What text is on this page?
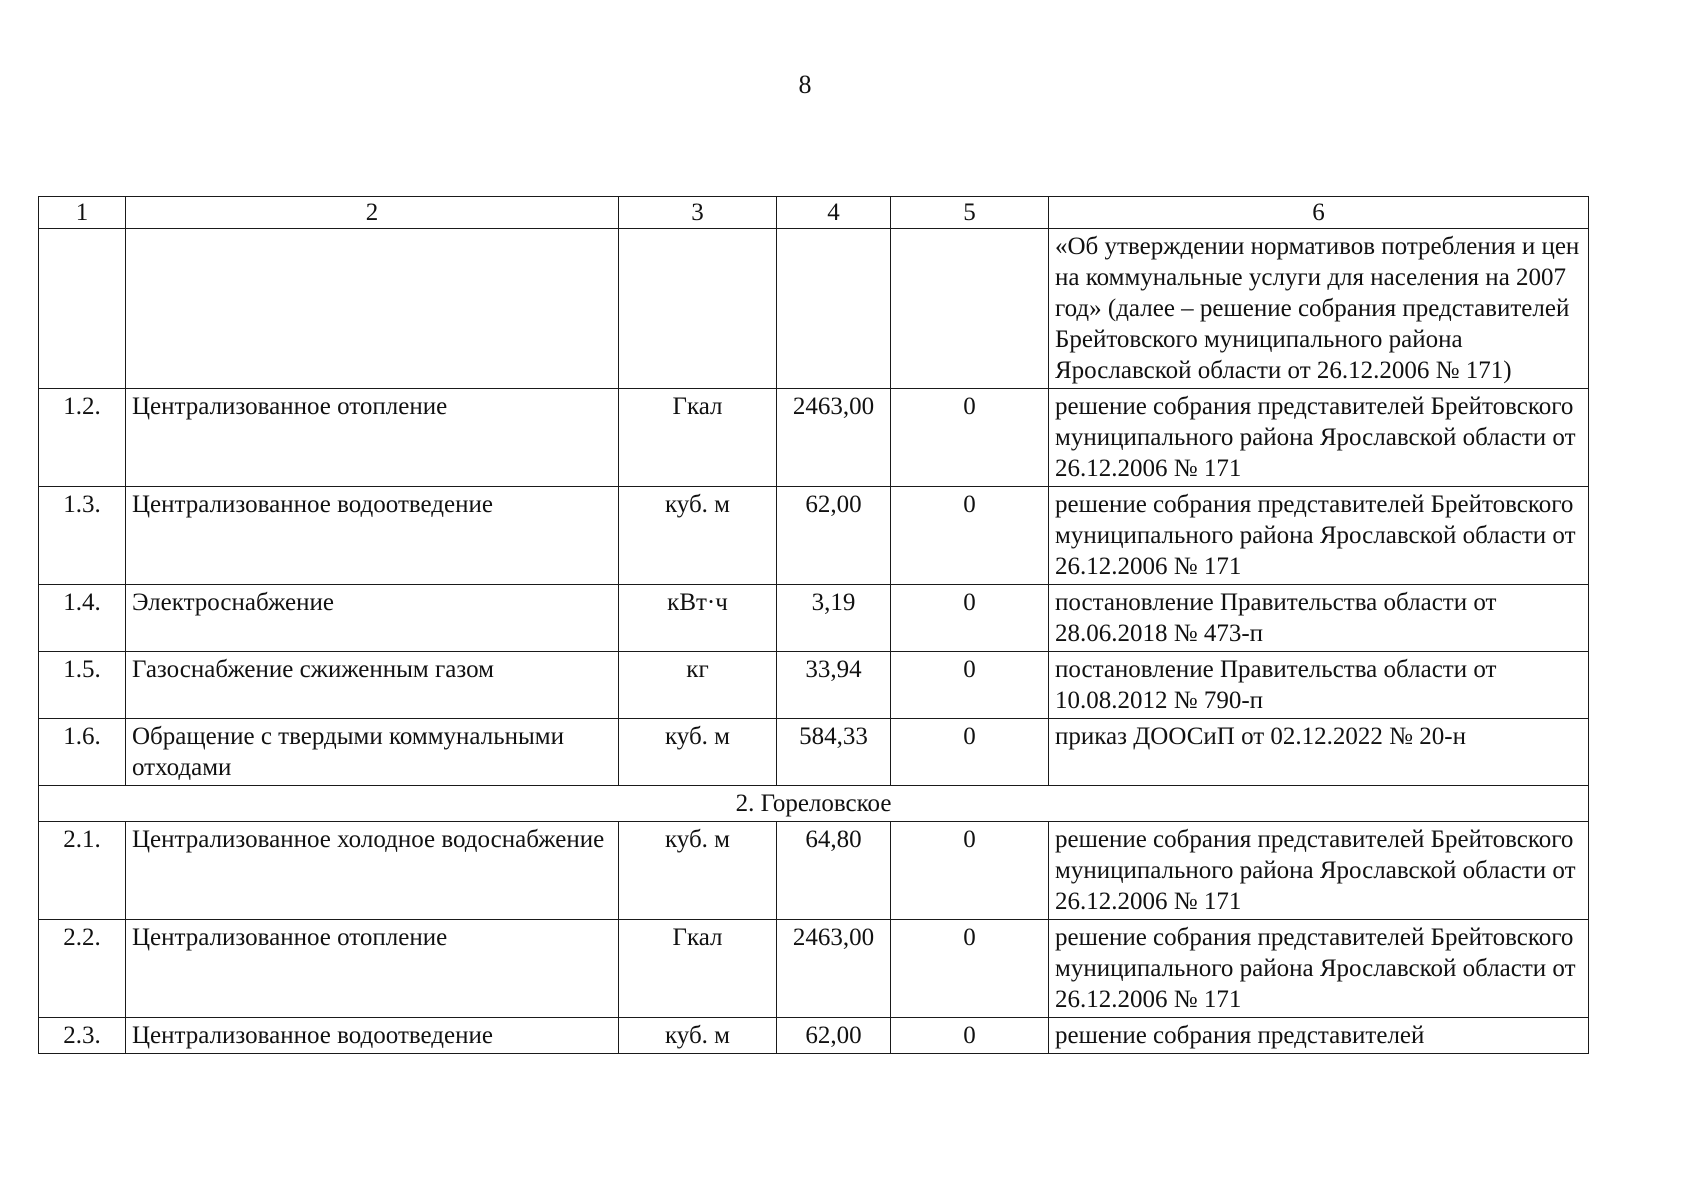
8
1	2	3	4	5	6
					«Об утверждении нормативов потребления и цен на коммунальные услуги для населения на 2007 год» (далее – решение собрания представителей Брейтовского муниципального района Ярославской области от 26.12.2006 № 171)
1.2.	Централизованное отопление	Гкал	2463,00	0	решение собрания представителей Брейтовского муниципального района Ярославской области от 26.12.2006 № 171
1.3.	Централизованное водоотведение	куб. м	62,00	0	решение собрания представителей Брейтовского муниципального района Ярославской области от 26.12.2006 № 171
1.4.	Электроснабжение	кВт·ч	3,19	0	постановление Правительства области от 28.06.2018 № 473-п
1.5.	Газоснабжение сжиженным газом	кг	33,94	0	постановление Правительства области от 10.08.2012 № 790-п
1.6.	Обращение с твердыми коммунальными отходами	куб. м	584,33	0	приказ ДООСиП от 02.12.2022 № 20-н
2. Гореловское					
2.1.	Централизованное холодное водоснабжение	куб. м	64,80	0	решение собрания представителей Брейтовского муниципального района Ярославской области от 26.12.2006 № 171
2.2.	Централизованное отопление	Гкал	2463,00	0	решение собрания представителей Брейтовского муниципального района Ярославской области от 26.12.2006 № 171
2.3.	Централизованное водоотведение	куб. м	62,00	0	решение собрания представителей
